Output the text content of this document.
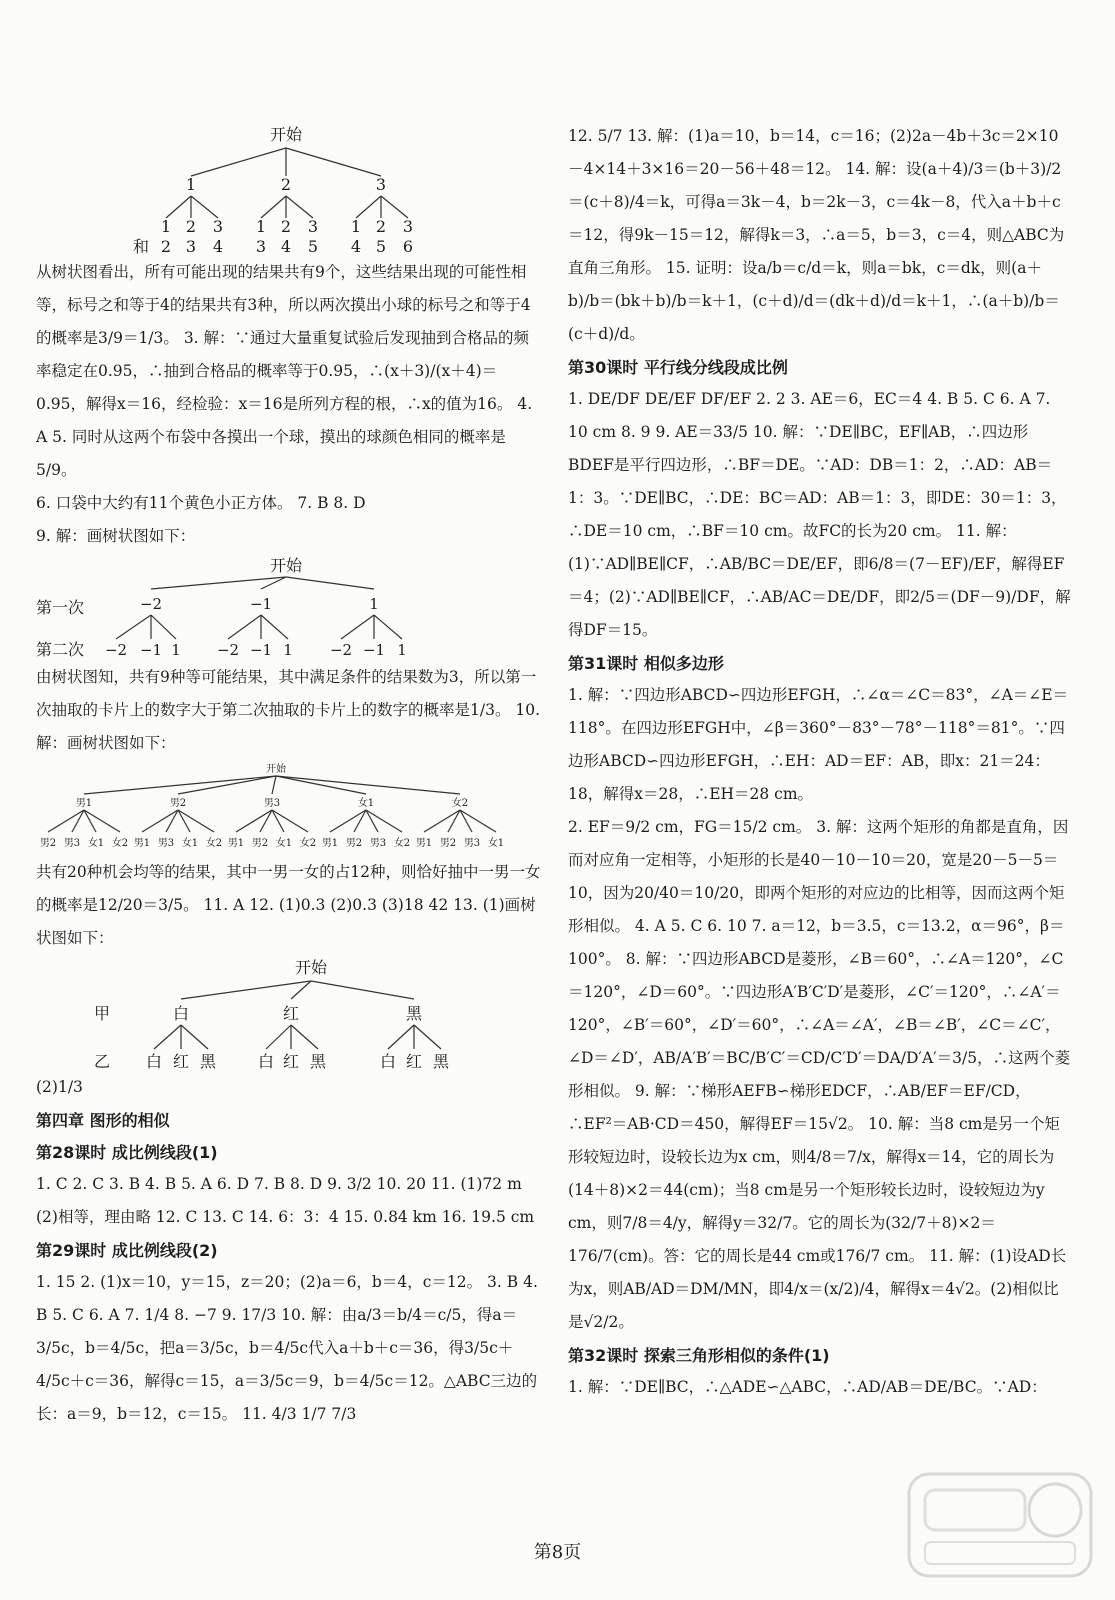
开始
1	2	3
1 2 3 1 2 3 1 2 3
和 2 3 4 3 4 5 4 5 6

从树状图看出，所有可能出现的结果共有9个，这些结果出现的可能性相等，标号之和等于4的结果共有3种，所以两次摸出小球的标号之和等于4的概率是3/9＝1/3。 3. 解：∵通过大量重复试验后发现抽到合格品的频率稳定在0.95，∴抽到合格品的概率等于0.95，∴(x＋3)/(x＋4)＝0.95，解得x＝16，经检验：x＝16是所列方程的根，∴x的值为16。 4. A 5. 同时从这两个布袋中各摸出一个球，摸出的球颜色相同的概率是5/9。

6. 口袋中大约有11个黄色小正方体。 7. B 8. D

9. 解：画树状图如下：

开始
第一次	−2	−1	1
第二次 −2 −1 1 −2 −1 1 −2 −1 1

由树状图知，共有9种等可能结果，其中满足条件的结果数为3，所以第一次抽取的卡片上的数字大于第二次抽取的卡片上的数字的概率是1/3。 10. 解：画树状图如下：

开始
男1
男2 男3 女1 女2
男2
男1 男3 女1 女2
男3
男1 男2 女1 女2
女1
男1 男2 男3 女2
女2
男1 男2 男3 女1

共有20种机会均等的结果，其中一男一女的占12种，则恰好抽中一男一女的概率是12/20＝3/5。 11. A 12. (1)0.3 (2)0.3 (3)18 42 13. (1)画树状图如下：

开始
甲	白	红	黑
乙 白 红 黑	白 红 黑	白 红 黑

(2)1/3

第四章 图形的相似

第28课时 成比例线段(1)

1. C 2. C 3. B 4. B 5. A 6. D 7. B 8. D 9. 3/2 10. 20 11. (1)72 m (2)相等，理由略 12. C 13. C 14. 6：3：4 15. 0.84 km 16. 19.5 cm

第29课时 成比例线段(2)

1. 15 2. (1)x＝10，y＝15，z＝20；(2)a＝6，b＝4，c＝12。 3. B 4. B 5. C 6. A 7. 1/4 8. −7 9. 17/3 10. 解：由a/3＝b/4＝c/5，得a＝3/5c，b＝4/5c，把a＝3/5c，b＝4/5c代入a＋b＋c＝36，得3/5c＋4/5c＋c＝36，解得c＝15，a＝3/5c＝9，b＝4/5c＝12。△ABC三边的长：a＝9，b＝12，c＝15。 11. 4/3 1/7 7/3

12. 5/7 13. 解：(1)a＝10，b＝14，c＝16；(2)2a－4b＋3c＝2×10－4×14＋3×16＝20－56＋48＝12。 14. 解：设(a＋4)/3＝(b＋3)/2＝(c＋8)/4＝k，可得a＝3k－4，b＝2k－3，c＝4k－8，代入a＋b＋c＝12，得9k－15＝12，解得k＝3，∴a＝5，b＝3，c＝4，则△ABC为直角三角形。 15. 证明：设a/b＝c/d＝k，则a＝bk，c＝dk，则(a＋b)/b＝(bk＋b)/b＝k＋1，(c＋d)/d＝(dk＋d)/d＝k＋1，∴(a＋b)/b＝(c＋d)/d。

第30课时 平行线分线段成比例

1. DE/DF DE/EF DF/EF 2. 2 3. AE＝6，EC＝4 4. B 5. C 6. A 7. 10 cm 8. 9 9. AE＝33/5 10. 解：∵DE∥BC，EF∥AB，∴四边形BDEF是平行四边形，∴BF＝DE。∵AD：DB＝1：2，∴AD：AB＝1：3。∵DE∥BC，∴DE：BC＝AD：AB＝1：3，即DE：30＝1：3，∴DE＝10 cm，∴BF＝10 cm。故FC的长为20 cm。 11. 解：(1)∵AD∥BE∥CF，∴AB/BC＝DE/EF，即6/8＝(7－EF)/EF，解得EF＝4；(2)∵AD∥BE∥CF，∴AB/AC＝DE/DF，即2/5＝(DF－9)/DF，解得DF＝15。

第31课时 相似多边形

1. 解：∵四边形ABCD∽四边形EFGH，∴∠α＝∠C＝83°，∠A＝∠E＝118°。在四边形EFGH中，∠β＝360°－83°－78°－118°＝81°。∵四边形ABCD∽四边形EFGH，∴EH：AD＝EF：AB，即x：21＝24：18，解得x＝28，∴EH＝28 cm。

2. EF＝9/2 cm，FG＝15/2 cm。 3. 解：这两个矩形的角都是直角，因而对应角一定相等，小矩形的长是40－10－10＝20，宽是20－5－5＝10，因为20/40＝10/20，即两个矩形的对应边的比相等，因而这两个矩形相似。 4. A 5. C 6. 10 7. a＝12，b＝3.5，c＝13.2，α＝96°，β＝100°。 8. 解：∵四边形ABCD是菱形，∠B＝60°，∴∠A＝120°，∠C＝120°，∠D＝60°。∵四边形A′B′C′D′是菱形，∠C′＝120°，∴∠A′＝120°，∠B′＝60°，∠D′＝60°，∴∠A＝∠A′，∠B＝∠B′，∠C＝∠C′，∠D＝∠D′，AB/A′B′＝BC/B′C′＝CD/C′D′＝DA/D′A′＝3/5，∴这两个菱形相似。 9. 解：∵梯形AEFB∽梯形EDCF，∴AB/EF＝EF/CD，∴EF²＝AB·CD＝450，解得EF＝15√2。 10. 解：当8 cm是另一个矩形较短边时，设较长边为x cm，则4/8＝7/x，解得x＝14，它的周长为(14＋8)×2＝44(cm)；当8 cm是另一个矩形较长边时，设较短边为y cm，则7/8＝4/y，解得y＝32/7。它的周长为(32/7＋8)×2＝176/7(cm)。答：它的周长是44 cm或176/7 cm。 11. 解：(1)设AD长为x，则AB/AD＝DM/MN，即4/x＝(x/2)/4，解得x＝4√2。(2)相似比是√2/2。

第32课时 探索三角形相似的条件(1)

1. 解：∵DE∥BC，∴△ADE∽△ABC，∴AD/AB＝DE/BC。∵AD：

第8页
